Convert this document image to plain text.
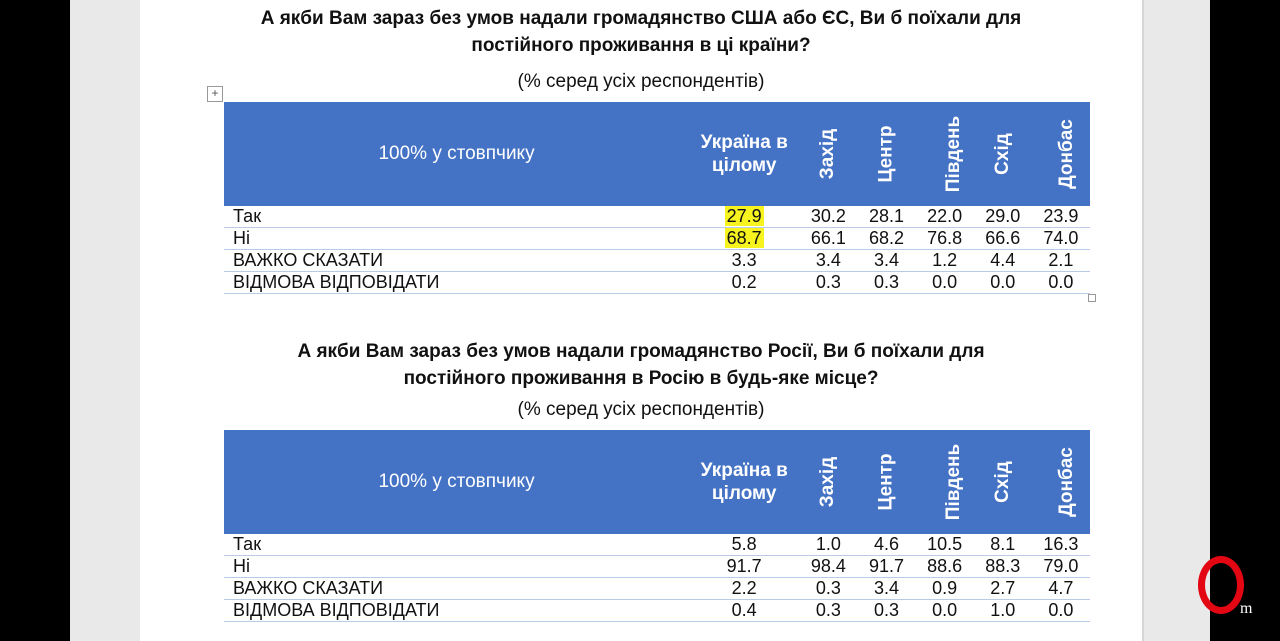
А якби Вам зараз без умов надали громадянство США або ЄС, Ви б поїхали для
постійного проживання в ці країни?
(% серед усіх респондентів)
+
100% у стовпчику	Україна в
цілому	Захід	Центр	Південь	Схід	Донбас
Так	27.9	30.2	28.1	22.0	29.0	23.9
Ні	68.7	66.1	68.2	76.8	66.6	74.0
ВАЖКО СКАЗАТИ	3.3	3.4	3.4	1.2	4.4	2.1
ВІДМОВА ВІДПОВІДАТИ	0.2	0.3	0.3	0.0	0.0	0.0
А якби Вам зараз без умов надали громадянство Росії, Ви б поїхали для
постійного проживання в Росію в будь-яке місце?
(% серед усіх респондентів)
100% у стовпчику	Україна в
цілому	Захід	Центр	Південь	Схід	Донбас
Так	5.8	1.0	4.6	10.5	8.1	16.3
Ні	91.7	98.4	91.7	88.6	88.3	79.0
ВАЖКО СКАЗАТИ	2.2	0.3	3.4	0.9	2.7	4.7
ВІДМОВА ВІДПОВІДАТИ	0.4	0.3	0.3	0.0	1.0	0.0	m
